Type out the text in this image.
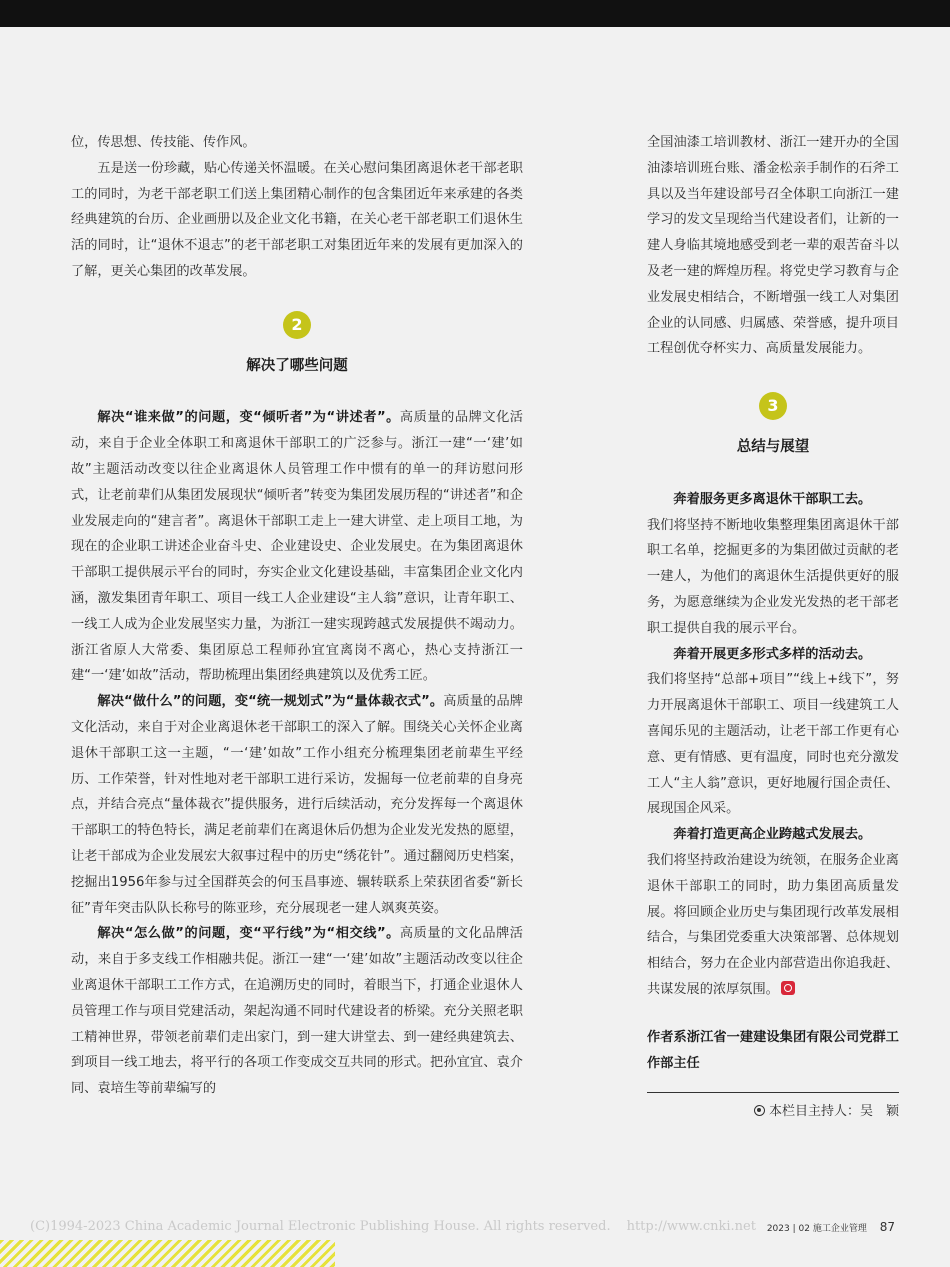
位，传思想、传技能、传作风。

五是送一份珍藏，贴心传递关怀温暖。在关心慰问集团离退休老干部老职工的同时，为老干部老职工们送上集团精心制作的包含集团近年来承建的各类经典建筑的台历、企业画册以及企业文化书籍，在关心老干部老职工们退休生活的同时，让“退休不退志”的老干部老职工对集团近年来的发展有更加深入的了解，更关心集团的改革发展。

2
解决了哪些问题

解决“谁来做”的问题，变“倾听者”为“讲述者”。高质量的品牌文化活动，来自于企业全体职工和离退休干部职工的广泛参与。浙江一建“一‘建’如故”主题活动改变以往企业离退休人员管理工作中惯有的单一的拜访慰问形式，让老前辈们从集团发展现状“倾听者”转变为集团发展历程的“讲述者”和企业发展走向的“建言者”。离退休干部职工走上一建大讲堂、走上项目工地，为现在的企业职工讲述企业奋斗史、企业建设史、企业发展史。在为集团离退休干部职工提供展示平台的同时，夯实企业文化建设基础，丰富集团企业文化内涵，激发集团青年职工、项目一线工人企业建设“主人翁”意识，让青年职工、一线工人成为企业发展坚实力量，为浙江一建实现跨越式发展提供不竭动力。浙江省原人大常委、集团原总工程师孙宜宜离岗不离心，热心支持浙江一建“一‘建’如故”活动，帮助梳理出集团经典建筑以及优秀工匠。

解决“做什么”的问题，变“统一规划式”为“量体裁衣式”。高质量的品牌文化活动，来自于对企业离退休老干部职工的深入了解。围绕关心关怀企业离退休干部职工这一主题，“一‘建’如故”工作小组充分梳理集团老前辈生平经历、工作荣誉，针对性地对老干部职工进行采访，发掘每一位老前辈的自身亮点，并结合亮点“量体裁衣”提供服务，进行后续活动，充分发挥每一个离退休干部职工的特色特长，满足老前辈们在离退休后仍想为企业发光发热的愿望，让老干部成为企业发展宏大叙事过程中的历史“绣花针”。通过翻阅历史档案，挖掘出1956年参与过全国群英会的何玉昌事迹、辗转联系上荣获团省委“新长征”青年突击队队长称号的陈亚珍，充分展现老一建人飒爽英姿。

解决“怎么做”的问题，变“平行线”为“相交线”。高质量的文化品牌活动，来自于多支线工作相融共促。浙江一建“一‘建’如故”主题活动改变以往企业离退休干部职工工作方式，在追溯历史的同时，着眼当下，打通企业退休人员管理工作与项目党建活动，架起沟通不同时代建设者的桥梁。充分关照老职工精神世界，带领老前辈们走出家门，到一建大讲堂去、到一建经典建筑去、到项目一线工地去，将平行的各项工作变成交互共同的形式。把孙宜宜、袁介同、袁培生等前辈编写的

全国油漆工培训教材、浙江一建开办的全国油漆培训班台账、潘金松亲手制作的石斧工具以及当年建设部号召全体职工向浙江一建学习的发文呈现给当代建设者们，让新的一建人身临其境地感受到老一辈的艰苦奋斗以及老一建的辉煌历程。将党史学习教育与企业发展史相结合，不断增强一线工人对集团企业的认同感、归属感、荣誉感，提升项目工程创优夺杯实力、高质量发展能力。

3
总结与展望

奔着服务更多离退休干部职工去。

我们将坚持不断地收集整理集团离退休干部职工名单，挖掘更多的为集团做过贡献的老一建人，为他们的离退休生活提供更好的服务，为愿意继续为企业发光发热的老干部老职工提供自我的展示平台。

奔着开展更多形式多样的活动去。

我们将坚持“总部+项目”“线上+线下”，努力开展离退休干部职工、项目一线建筑工人喜闻乐见的主题活动，让老干部工作更有心意、更有情感、更有温度，同时也充分激发工人“主人翁”意识，更好地履行国企责任、展现国企风采。

奔着打造更高企业跨越式发展去。

我们将坚持政治建设为统领，在服务企业离退休干部职工的同时，助力集团高质量发展。将回顾企业历史与集团现行改革发展相结合，与集团党委重大决策部署、总体规划相结合，努力在企业内部营造出你追我赶、共谋发展的浓厚氛围。

作者系浙江省一建建设集团有限公司党群工作部主任

本栏目主持人：吴　颖

(C)1994-2023 China Academic Journal Electronic Publishing House. All rights reserved. http://www.cnki.net 2023 | 02 施工企业管理 87
